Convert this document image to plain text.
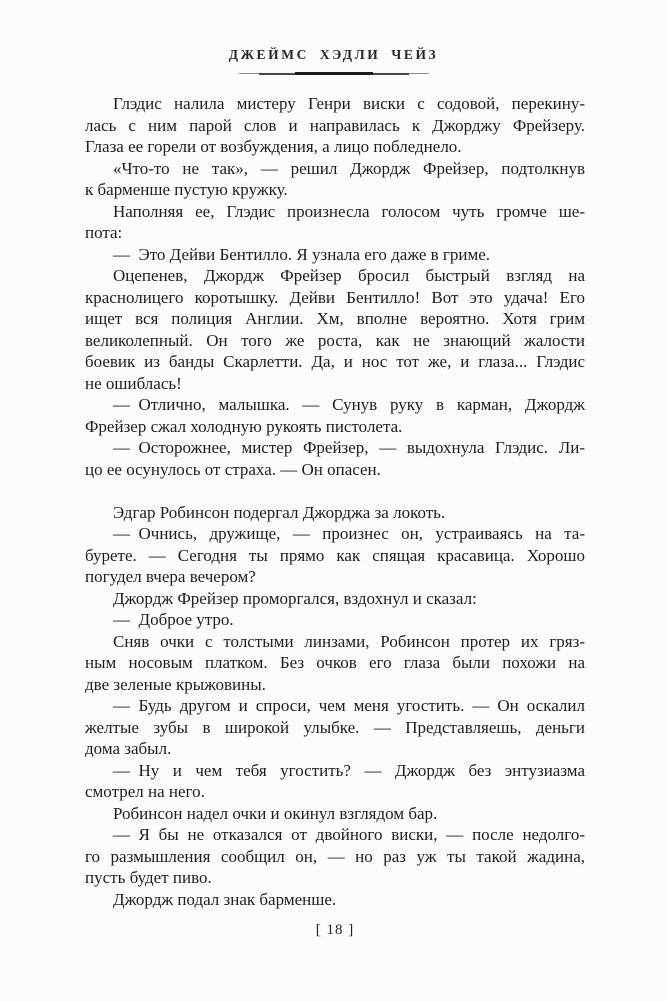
ДЖЕЙМС ХЭДЛИ ЧЕЙЗ
Глэдис налила мистеру Генри виски с содовой, перекину-
лась с ним парой слов и направилась к Джорджу Фрейзеру.
Глаза ее горели от возбуждения, а лицо побледнело.
«Что-то не так», — решил Джордж Фрейзер, подтолкнув
к барменше пустую кружку.
Наполняя ее, Глэдис произнесла голосом чуть громче ше-
пота:
— Это Дейви Бентилло. Я узнала его даже в гриме.
Оцепенев, Джордж Фрейзер бросил быстрый взгляд на
краснолицего коротышку. Дейви Бентилло! Вот это удача! Его
ищет вся полиция Англии. Хм, вполне вероятно. Хотя грим
великолепный. Он того же роста, как не знающий жалости
боевик из банды Скарлетти. Да, и нос тот же, и глаза... Глэдис
не ошиблась!
— Отлично, малышка. — Сунув руку в карман, Джордж
Фрейзер сжал холодную рукоять пистолета.
— Осторожнее, мистер Фрейзер, — выдохнула Глэдис. Ли-
цо ее осунулось от страха. — Он опасен.
Эдгар Робинсон подергал Джорджа за локоть.
— Очнись, дружище, — произнес он, устраиваясь на та-
бурете. — Сегодня ты прямо как спящая красавица. Хорошо
погудел вчера вечером?
Джордж Фрейзер проморгался, вздохнул и сказал:
— Доброе утро.
Сняв очки с толстыми линзами, Робинсон протер их гряз-
ным носовым платком. Без очков его глаза были похожи на
две зеленые крыжовины.
— Будь другом и спроси, чем меня угостить. — Он оскалил
желтые зубы в широкой улыбке. — Представляешь, деньги
дома забыл.
— Ну и чем тебя угостить? — Джордж без энтузиазма
смотрел на него.
Робинсон надел очки и окинул взглядом бар.
— Я бы не отказался от двойного виски, — после недолго-
го размышления сообщил он, — но раз уж ты такой жадина,
пусть будет пиво.
Джордж подал знак барменше.
[ 18 ]
